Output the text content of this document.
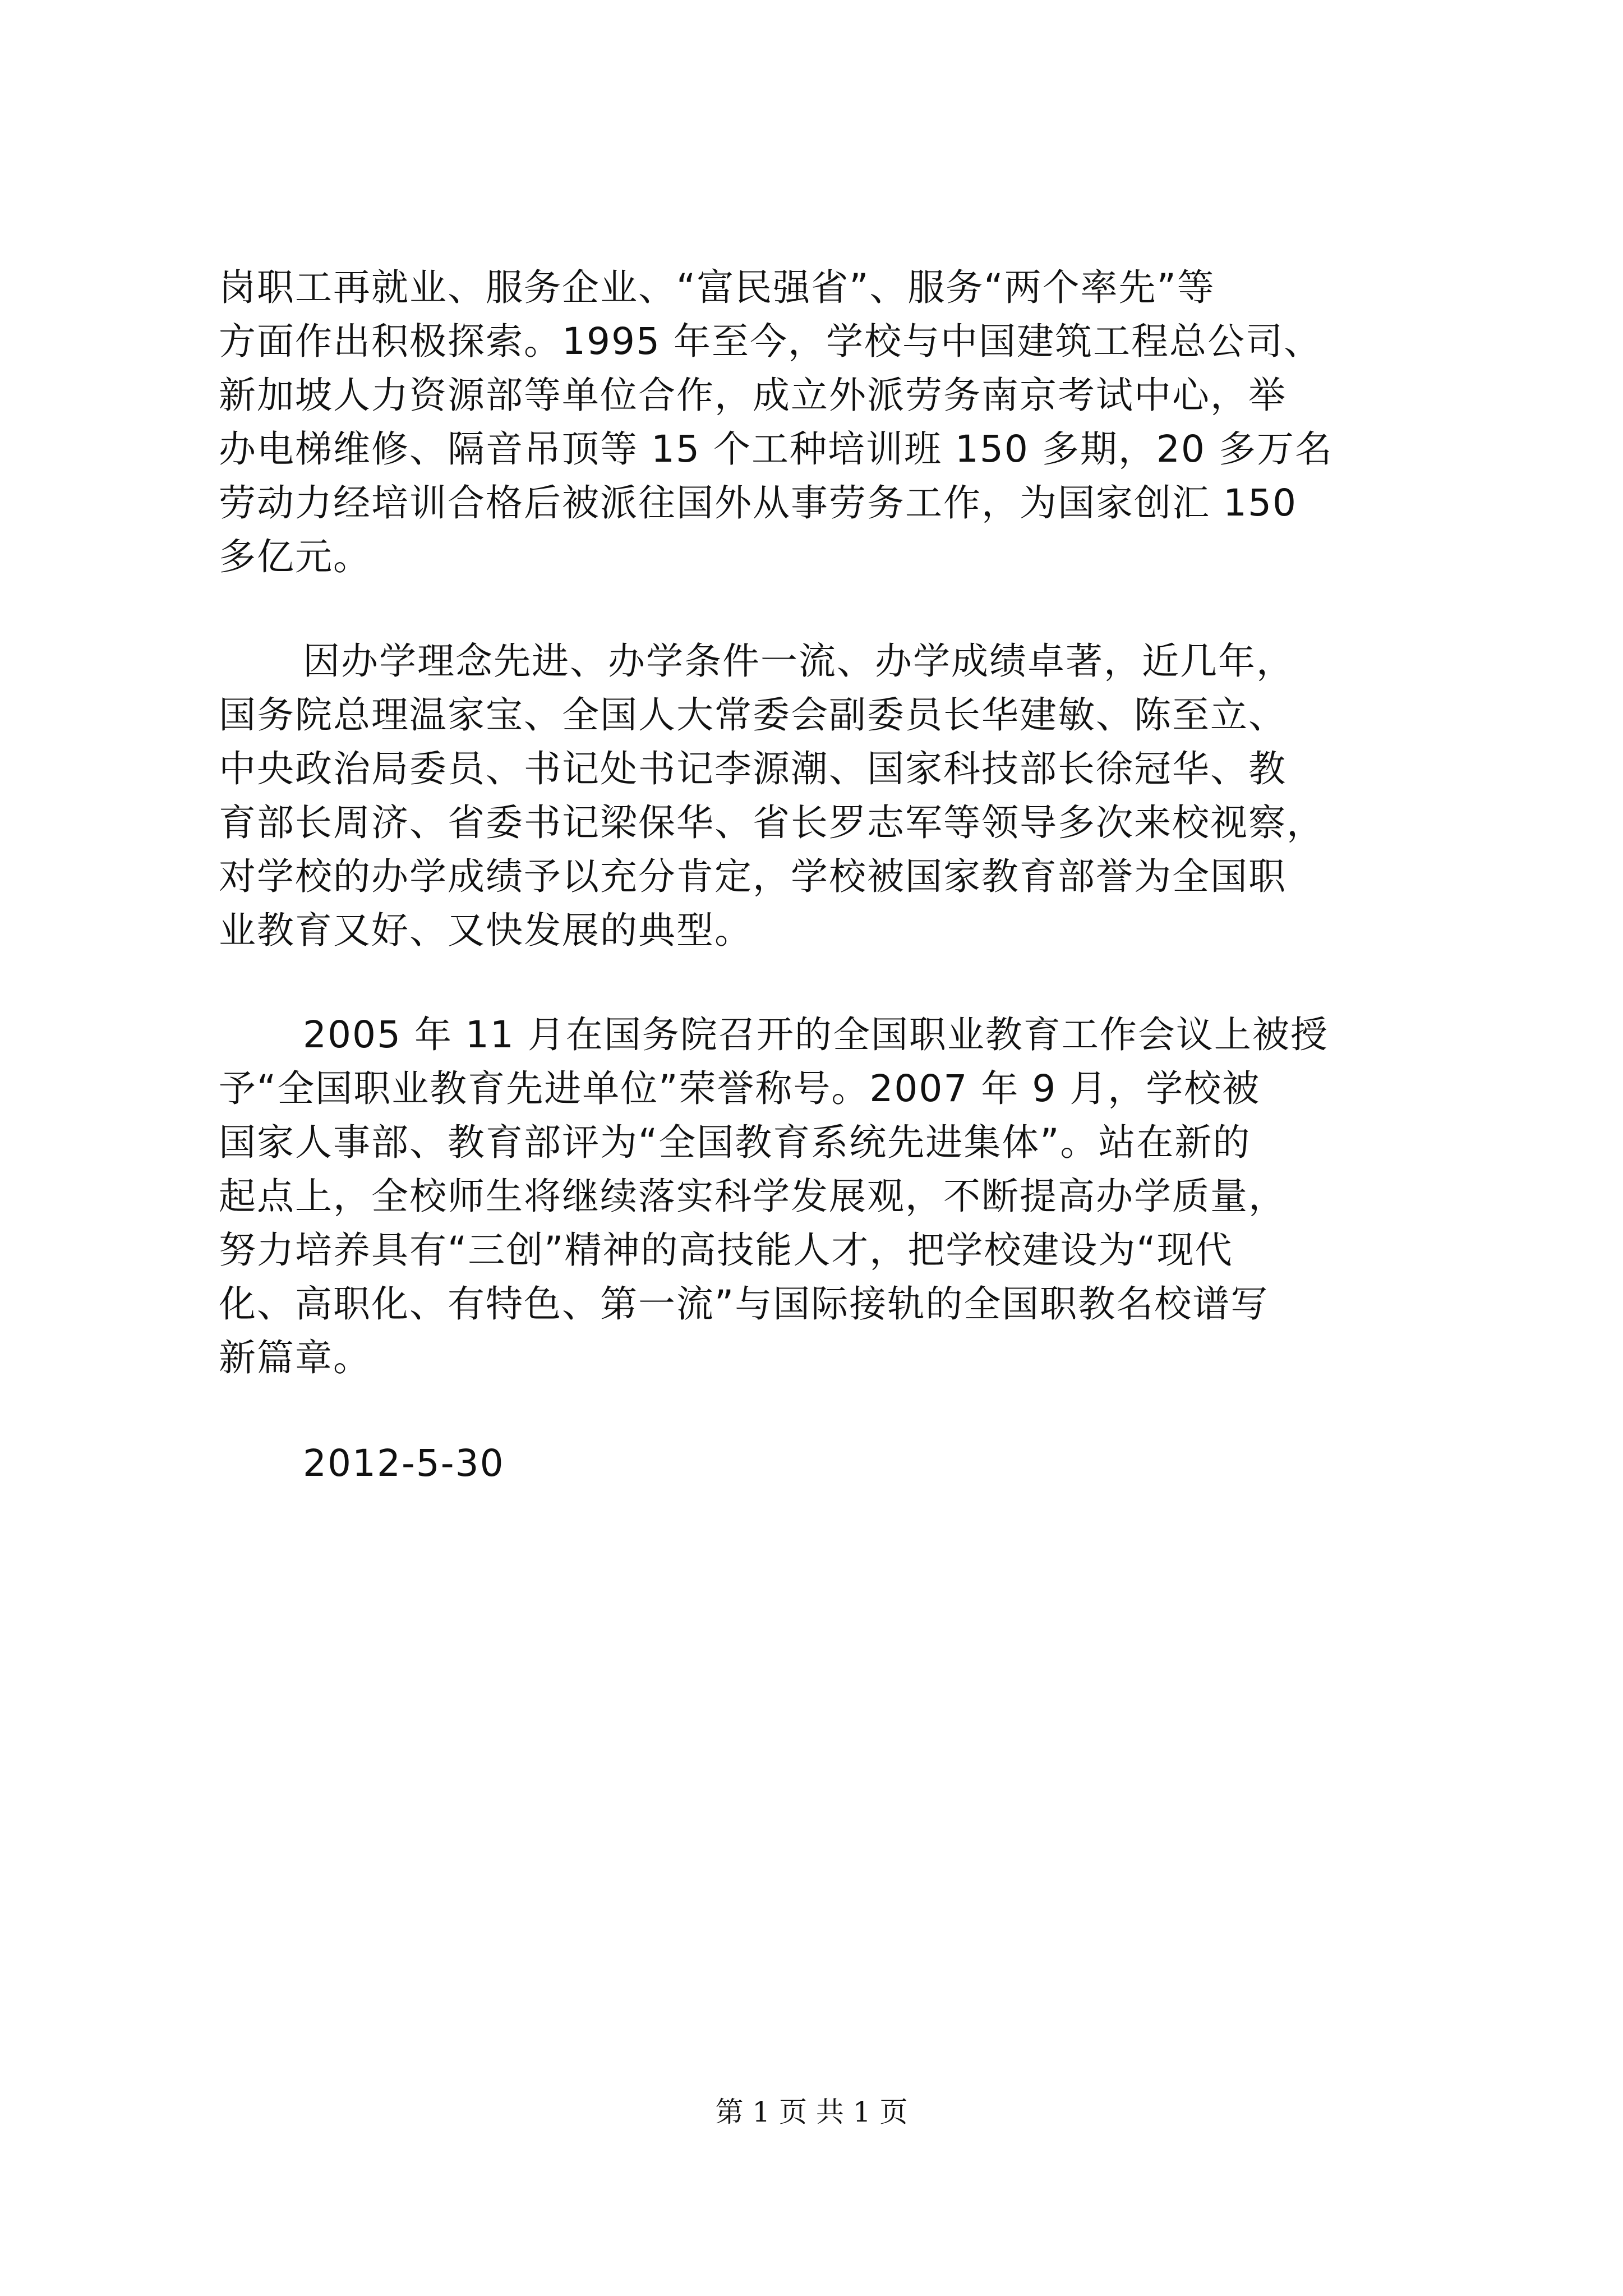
岗职工再就业、服务企业、“富民强省”、服务“两个率先”等
方面作出积极探索。1995 年至今，学校与中国建筑工程总公司、
新加坡人力资源部等单位合作，成立外派劳务南京考试中心，举
办电梯维修、隔音吊顶等 15 个工种培训班 150 多期，20 多万名
劳动力经培训合格后被派往国外从事劳务工作，为国家创汇 150
多亿元。
因办学理念先进、办学条件一流、办学成绩卓著，近几年，
国务院总理温家宝、全国人大常委会副委员长华建敏、陈至立、
中央政治局委员、书记处书记李源潮、国家科技部长徐冠华、教
育部长周济、省委书记梁保华、省长罗志军等领导多次来校视察，
对学校的办学成绩予以充分肯定，学校被国家教育部誉为全国职
业教育又好、又快发展的典型。
2005 年 11 月在国务院召开的全国职业教育工作会议上被授
予“全国职业教育先进单位”荣誉称号。2007 年 9 月，学校被
国家人事部、教育部评为“全国教育系统先进集体”。站在新的
起点上，全校师生将继续落实科学发展观，不断提高办学质量，
努力培养具有“三创”精神的高技能人才，把学校建设为“现代
化、高职化、有特色、第一流”与国际接轨的全国职教名校谱写
新篇章。
2012-5-30
第 1 页 共 1 页
